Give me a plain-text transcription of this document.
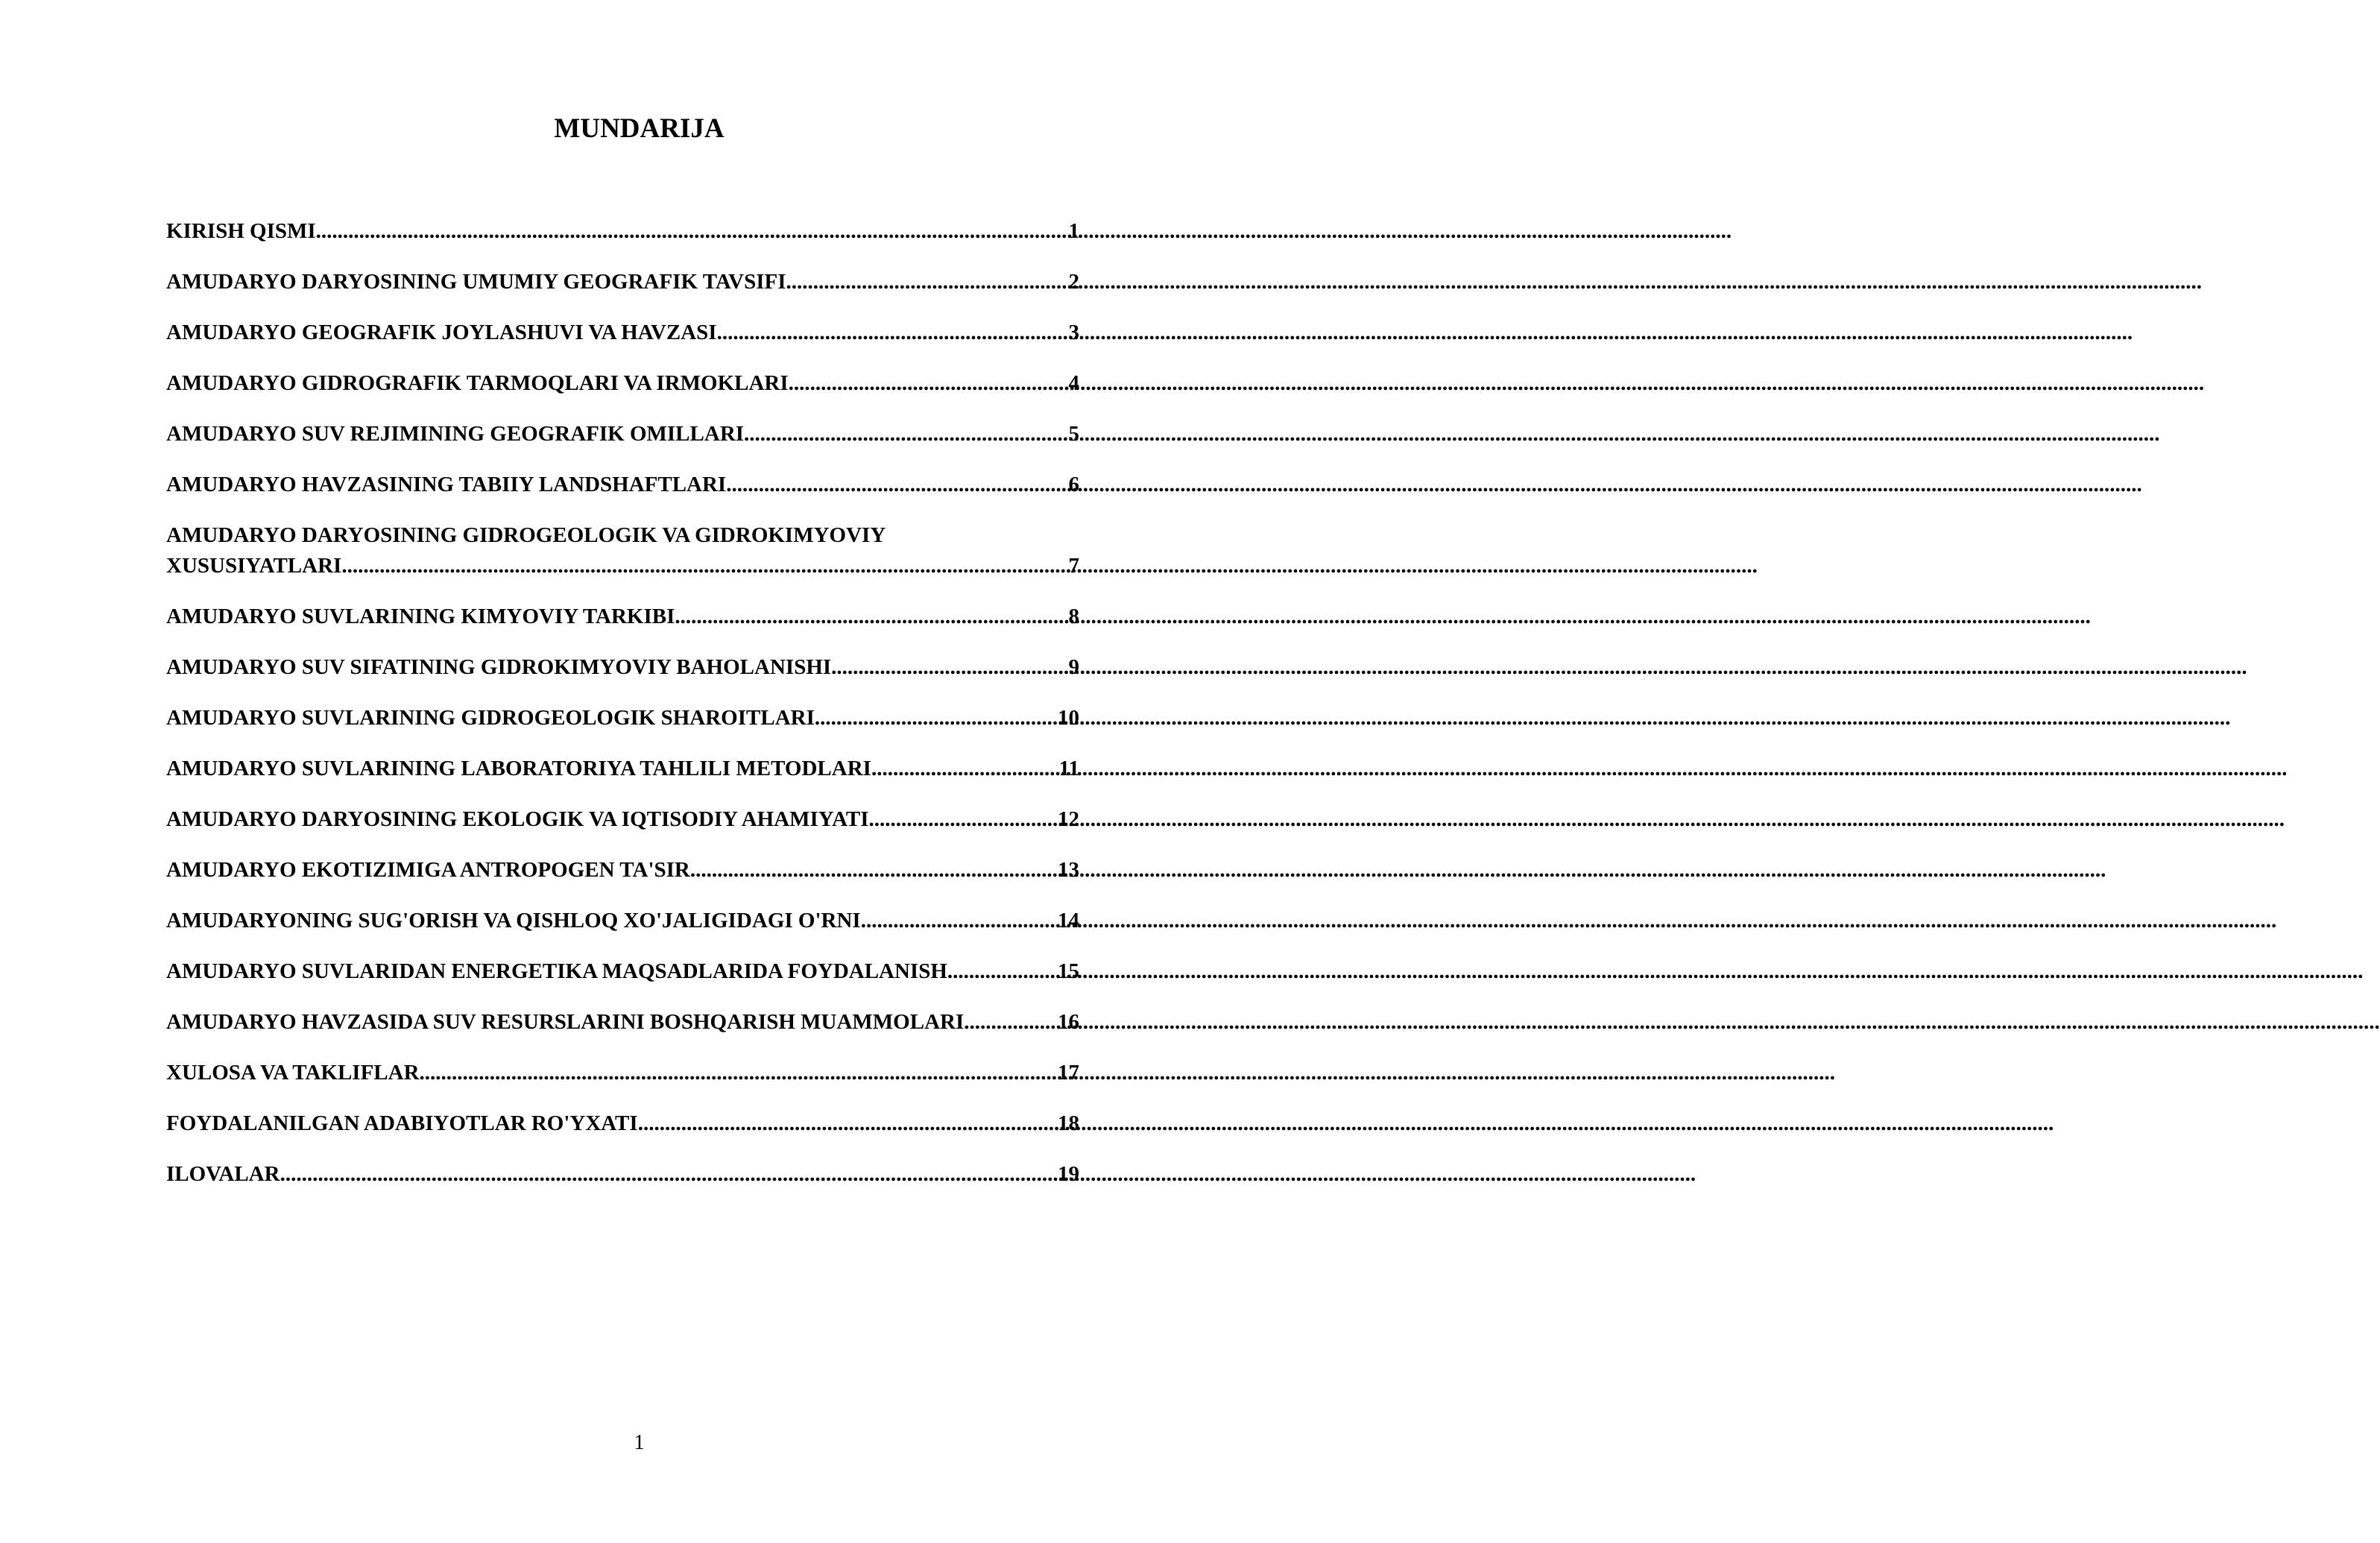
MUNDARIJA
KIRISH QISMI .....	1
AMUDARYO DARYOSINING UMUMIY GEOGRAFIK TAVSIFI .....	2
AMUDARYO GEOGRAFIK JOYLASHUVI VA HAVZASI .....	3
AMUDARYO GIDROGRAFIK TARMOQLARI VA IRMOKLARI .....	4
AMUDARYO SUV REJIMINING GEOGRAFIK OMILLARI .....	5
AMUDARYO HAVZASINING TABIIY LANDSHAFTLARI .....	6
AMUDARYO DARYOSINING GIDROGEOLOGIK VA GIDROKIMYOVIY
XUSUSIYATLARI .....	7
AMUDARYO SUVLARINING KIMYOVIY TARKIBI .....	8
AMUDARYO SUV SIFATINING GIDROKIMYOVIY BAHOLANISHI .....	9
AMUDARYO SUVLARINING GIDROGEOLOGIK SHAROITLARI .....	10
AMUDARYO SUVLARINING LABORATORIYA TAHLILI METODLARI .....	11
AMUDARYO DARYOSINING EKOLOGIK VA IQTISODIY AHAMIYATI .....	12
AMUDARYO EKOTIZIMIGA ANTROPOGEN TA'SIR .....	13
AMUDARYONING SUG'ORISH VA QISHLOQ XO'JALIGIDAGI O'RNI .....	14
AMUDARYO SUVLARIDAN ENERGETIKA MAQSADLARIDA FOYDALANISH .....	15
AMUDARYO HAVZASIDA SUV RESURSLARINI BOSHQARISH MUAMMOLARI .....	16
XULOSA VA TAKLIFLAR .....	17
FOYDALANILGAN ADABIYOTLAR RO'YXATI .....	18
ILOVALAR .....	19
1
